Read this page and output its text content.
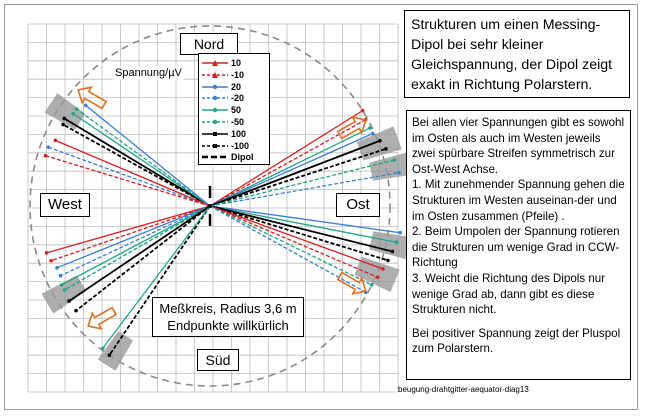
Nord
Süd
West	Ost
Spannung/µV
10
-10
20
-20
50
-50
100
-100
Dipol
Meßkreis, Radius 3,6 m
Endpunkte willkürlich
Strukturen um einen Messing-
Dipol bei sehr kleiner
Gleichspannung, der Dipol zeigt
exakt in Richtung Polarstern.

Bei allen vier Spannungen gibt es sowohl im Osten als auch im Westen jeweils zwei spürbare Streifen symmetrisch zur Ost-West Achse.

1. Mit zunehmender Spannung gehen die Strukturen im Westen auseinan-der und im Osten zusammen (Pfeile) .

2. Beim Umpolen der Spannung rotieren die Strukturen um wenige Grad in CCW-Richtung

3. Weicht die Richtung des Dipols nur wenige Grad ab, dann gibt es diese Strukturen nicht.

Bei positiver Spannung zeigt der Pluspol zum Polarstern.

beugung-drahtgitter-aequator-diag13
